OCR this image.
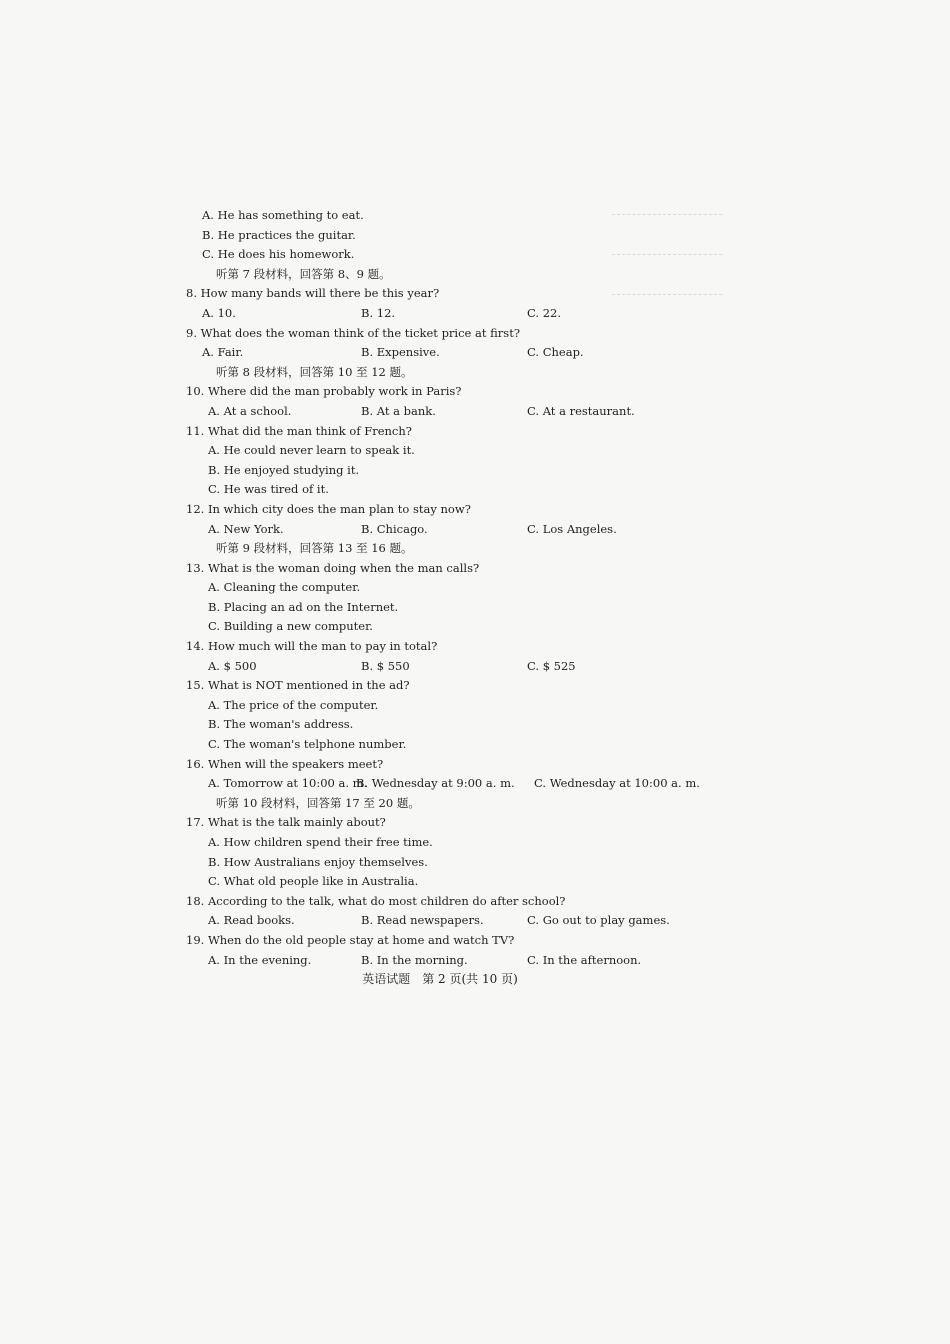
A. He has something to eat.
B. He practices the guitar.
C. He does his homework.
听第 7 段材料，回答第 8、9 题。
8. How many bands will there be this year?
A. 10.	B. 12.	C. 22.
9. What does the woman think of the ticket price at first?
A. Fair.	B. Expensive.	C. Cheap.
听第 8 段材料，回答第 10 至 12 题。
10. Where did the man probably work in Paris?
A. At a school.	B. At a bank.	C. At a restaurant.
11. What did the man think of French?
A. He could never learn to speak it.
B. He enjoyed studying it.
C. He was tired of it.
12. In which city does the man plan to stay now?
A. New York.	B. Chicago.	C. Los Angeles.
听第 9 段材料，回答第 13 至 16 题。
13. What is the woman doing when the man calls?
A. Cleaning the computer.
B. Placing an ad on the Internet.
C. Building a new computer.
14. How much will the man to pay in total?
A. $ 500	B. $ 550	C. $ 525
15. What is NOT mentioned in the ad?
A. The price of the computer.
B. The woman's address.
C. The woman's telphone number.
16. When will the speakers meet?
A. Tomorrow at 10:00 a. m.
B. Wednesday at 9:00 a. m. C. Wednesday at 10:00 a. m.
听第 10 段材料，回答第 17 至 20 题。
17. What is the talk mainly about?
A. How children spend their free time.
B. How Australians enjoy themselves.
C. What old people like in Australia.
18. According to the talk, what do most children do after school?
A. Read books.	B. Read newspapers.	C. Go out to play games.
19. When do the old people stay at home and watch TV?
A. In the evening.	B. In the morning.	C. In the afternoon.
英语试题　第 2 页(共 10 页)
